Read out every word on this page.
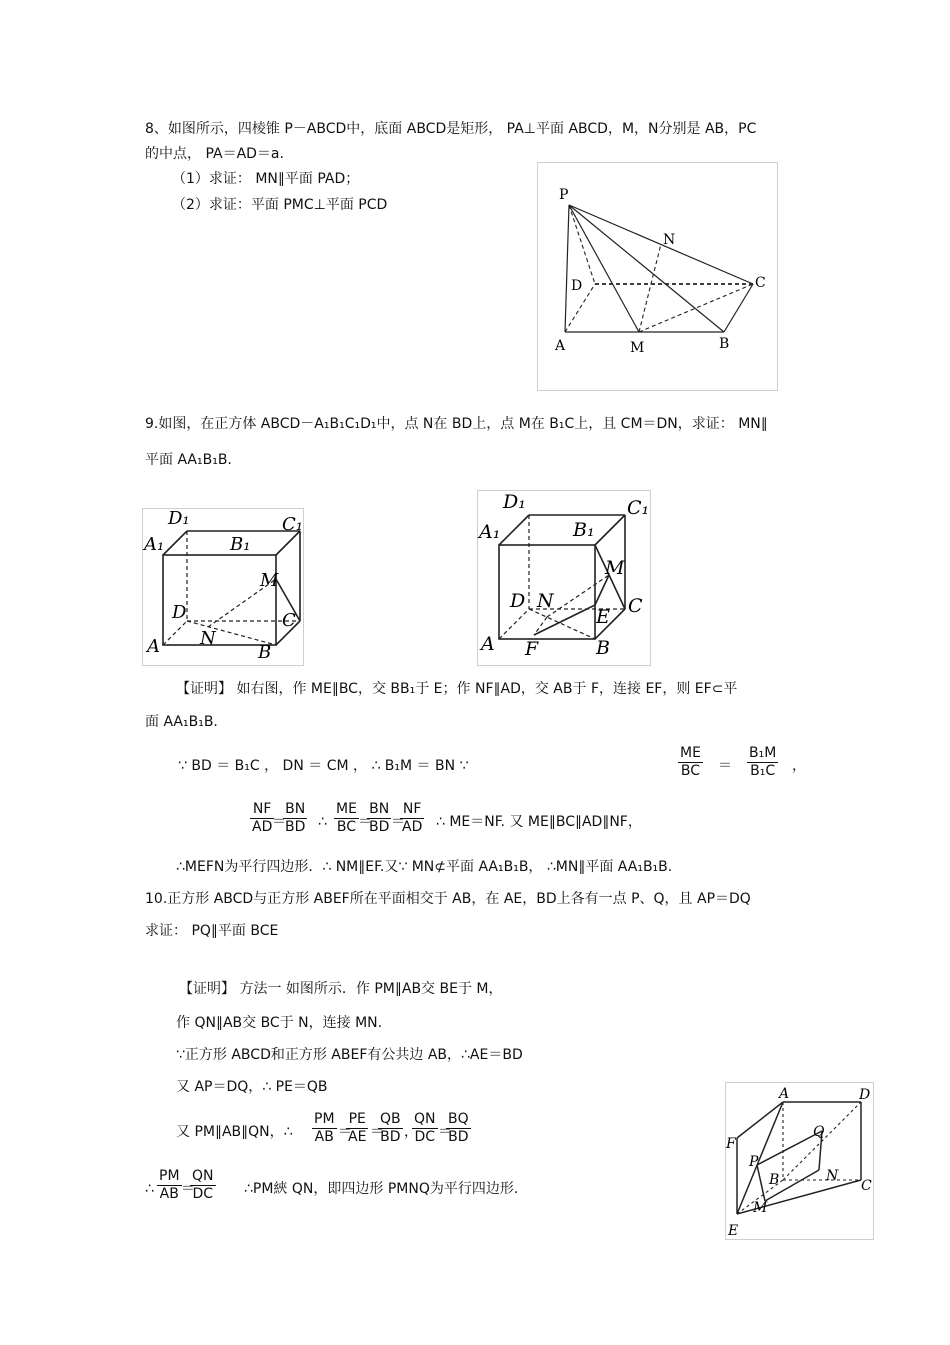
8、如图所示，四棱锥 P－ABCD中，底面 ABCD是矩形， PA⊥平面 ABCD，M，N分别是 AB，PC
的中点， PA＝AD＝a.
（1）求证： MN∥平面 PAD；
（2）求证：平面 PMC⊥平面 PCD
P
N
D	C
A	M	B
9.如图，在正方体 ABCD－A₁B₁C₁D₁中，点 N在 BD上，点 M在 B₁C上，且 CM＝DN，求证： MN∥
平面 AA₁B₁B.
D₁	C₁
A₁	B₁
M
D	C
A N
B
D₁	C₁
A₁	B₁
M
D N	C
E
A F	B
【证明】 如右图，作 ME∥BC，交 BB₁于 E；作 NF∥AD，交 AB于 F，连接 EF，则 EF⊂平
面 AA₁B₁B.
∵ BD ＝ B₁C ， DN ＝ CM ， ∴ B₁M ＝ BN ∵	$\frac{ME}{BC} = \frac{\text{B₁M}}{\text{B₁C}}$ ，
$\frac{NF}{AD}$
＝
$\frac{BN}{BD}$ ∴ $\frac{ME}{BC}$ ＝
$\frac{BN}{BD}$ ＝
$\frac{NF}{AD}$ ∴ ME＝NF. 又 ME∥BC∥AD∥NF，
∴MEFN为平行四边形．∴ NM∥EF.又∵ MN⊄平面 AA₁B₁B， ∴MN∥平面 AA₁B₁B.
10.正方形 ABCD与正方形 ABEF所在平面相交于 AB，在 AE，BD上各有一点 P、Q，且 AP＝DQ
求证： PQ∥平面 BCE
【证明】 方法一 如图所示．作 PM∥AB交 BE于 M，
作 QN∥AB交 BC于 N，连接 MN.
∵正方形 ABCD和正方形 ABEF有公共边 AB，∴AE＝BD
又 AP＝DQ，∴ PE＝QB
又 PM∥AB∥QN，∴ $\frac{PM}{AB}$ ＝
$\frac{PE}{AE}$ ＝
$\frac{QB}{BD}$ ，
$\frac{QN}{DC}$ ＝
$\frac{BQ}{BD}$
∴ $\frac{PM}{AB}$ ＝
$\frac{QN}{DC}$ ∴PM綊 QN，即四边形 PMNQ为平行四边形.
A	D
F
Q
P
B	N
C
M
E
